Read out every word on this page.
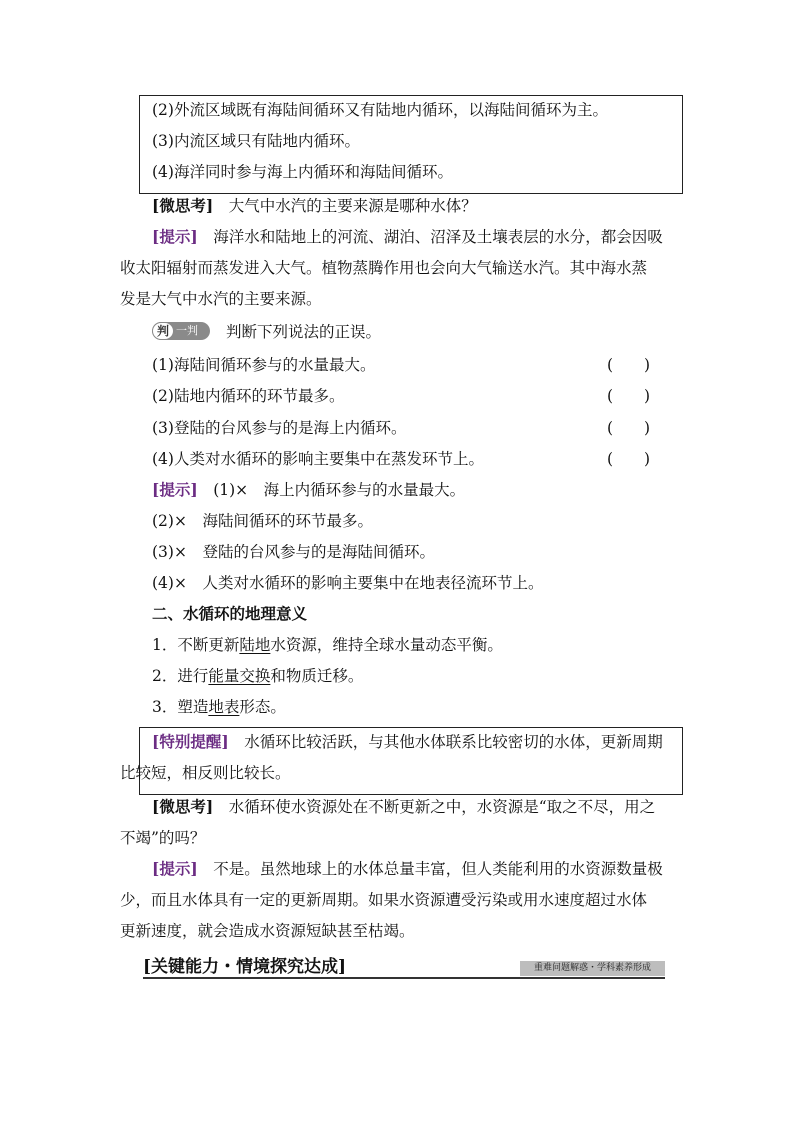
(2)外流区域既有海陆间循环又有陆地内循环，以海陆间循环为主。
(3)内流区域只有陆地内循环。
(4)海洋同时参与海上内循环和海陆间循环。
[微思考]　 大气中水汽的主要来源是哪种水体？
[提示]　 海洋水和陆地上的河流、湖泊、沼泽及土壤表层的水分，都会因吸
收太阳辐射而蒸发进入大气。植物蒸腾作用也会向大气输送水汽。其中海水蒸
发是大气中水汽的主要来源。
判 一判 判断下列说法的正误。
(1)海陆间循环参与的水量最大。	(　　)
(2)陆地内循环的环节最多。	(　　)
(3)登陆的台风参与的是海上内循环。	(　　)
(4)人类对水循环的影响主要集中在蒸发环节上。	(　　)
[提示]　 (1)×　海上内循环参与的水量最大。
(2)×　海陆间循环的环节最多。
(3)×　登陆的台风参与的是海陆间循环。
(4)×　人类对水循环的影响主要集中在地表径流环节上。
二、水循环的地理意义
1．不断更新陆地水资源，维持全球水量动态平衡。
2．进行能量交换和物质迁移。
3．塑造地表形态。
[特别提醒]　 水循环比较活跃，与其他水体联系比较密切的水体，更新周期
比较短，相反则比较长。
[微思考]　 水循环使水资源处在不断更新之中，水资源是“取之不尽，用之
不竭”的吗？
[提示]　 不是。虽然地球上的水体总量丰富，但人类能利用的水资源数量极
少，而且水体具有一定的更新周期。如果水资源遭受污染或用水速度超过水体
更新速度，就会造成水资源短缺甚至枯竭。
[关键能力・情境探究达成]	重难问题解惑・学科素养形成
